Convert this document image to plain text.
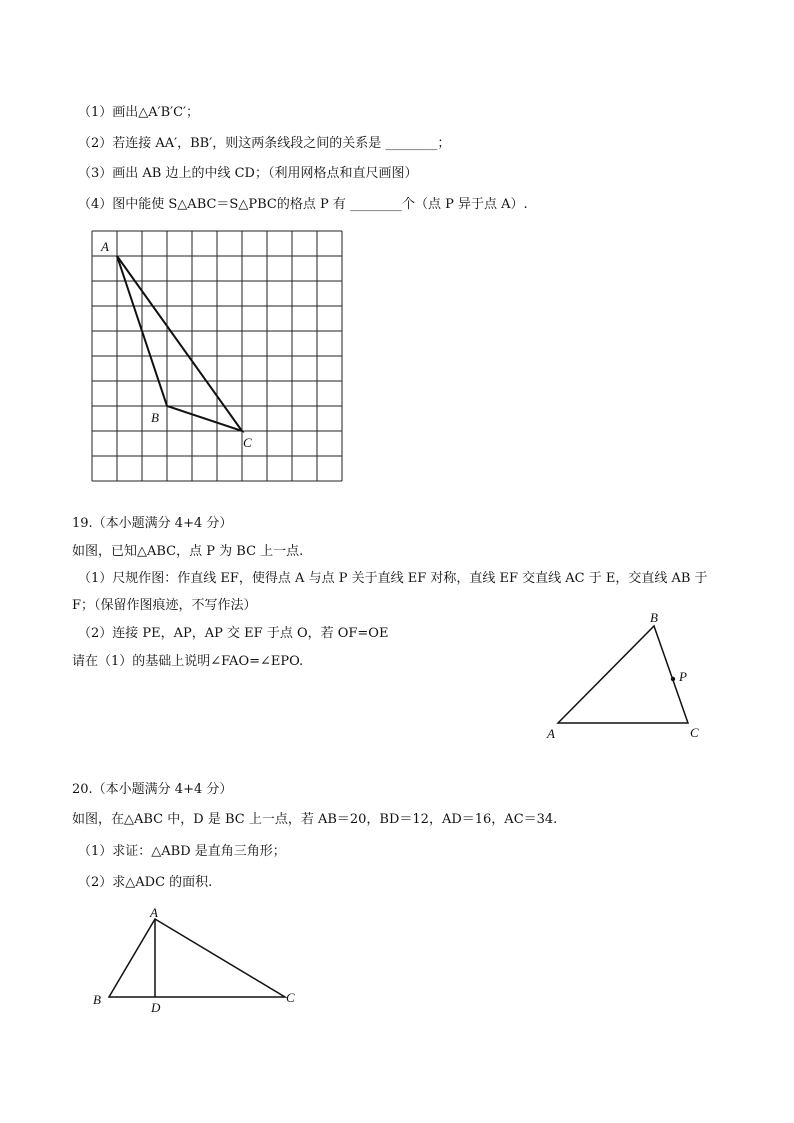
（1）画出△A′B′C′；
（2）若连接 AA′，BB′，则这两条线段之间的关系是 ________；
（3）画出 AB 边上的中线 CD；（利用网格点和直尺画图）
（4）图中能使 S△ABC＝S△PBC的格点 P 有 ________个（点 P 异于点 A）.
A
B
C
19.（本小题满分 4+4 分）
如图，已知△ABC，点 P 为 BC 上一点.
（1）尺规作图：作直线 EF，使得点 A 与点 P 关于直线 EF 对称，直线 EF 交直线 AC 于 E，交直线 AB 于
F；（保留作图痕迹，不写作法）
（2）连接 PE，AP，AP 交 EF 于点 O，若 OF=OE
请在（1）的基础上说明∠FAO=∠EPO.
B
P
A	C
20.（本小题满分 4+4 分）
如图，在△ABC 中，D 是 BC 上一点，若 AB＝20，BD＝12，AD＝16，AC＝34.
（1）求证：△ABD 是直角三角形；
（2）求△ADC 的面积.
A
B
D
C
